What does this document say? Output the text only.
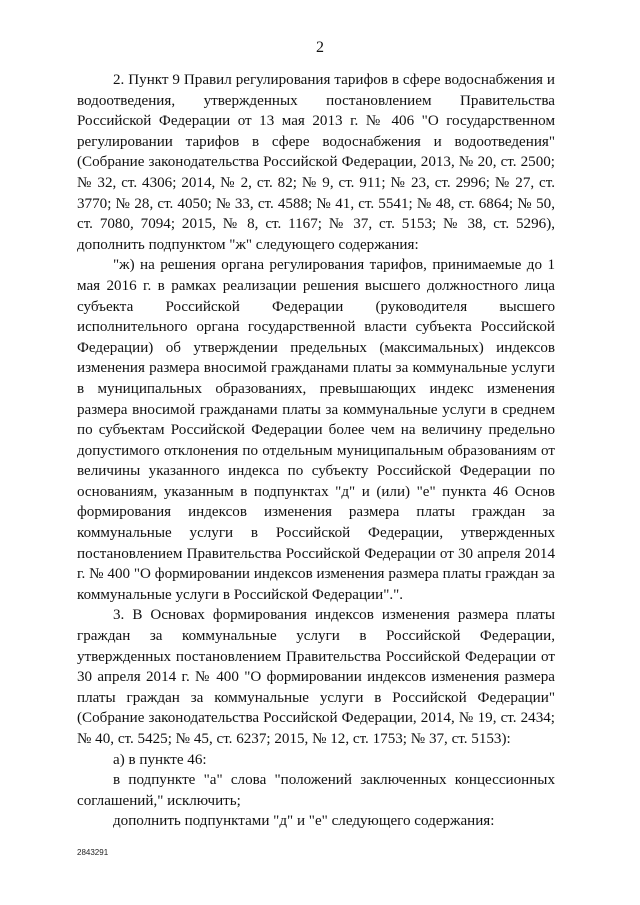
2

2. Пункт 9 Правил регулирования тарифов в сфере водоснабжения и водоотведения, утвержденных постановлением Правительства Российской Федерации от 13 мая 2013 г. № 406 "О государственном регулировании тарифов в сфере водоснабжения и водоотведения" (Собрание законодательства Российской Федерации, 2013, № 20, ст. 2500; № 32, ст. 4306; 2014, № 2, ст. 82; № 9, ст. 911; № 23, ст. 2996; № 27, ст. 3770; № 28, ст. 4050; № 33, ст. 4588; № 41, ст. 5541; № 48, ст. 6864; № 50, ст. 7080, 7094; 2015, № 8, ст. 1167; № 37, ст. 5153; № 38, ст. 5296), дополнить подпунктом "ж" следующего содержания:

"ж) на решения органа регулирования тарифов, принимаемые до 1 мая 2016 г. в рамках реализации решения высшего должностного лица субъекта Российской Федерации (руководителя высшего исполнительного органа государственной власти субъекта Российской Федерации) об утверждении предельных (максимальных) индексов изменения размера вносимой гражданами платы за коммунальные услуги в муниципальных образованиях, превышающих индекс изменения размера вносимой гражданами платы за коммунальные услуги в среднем по субъектам Российской Федерации более чем на величину предельно допустимого отклонения по отдельным муниципальным образованиям от величины указанного индекса по субъекту Российской Федерации по основаниям, указанным в подпунктах "д" и (или) "е" пункта 46 Основ формирования индексов изменения размера платы граждан за коммунальные услуги в Российской Федерации, утвержденных постановлением Правительства Российской Федерации от 30 апреля 2014 г. № 400 "О формировании индексов изменения размера платы граждан за коммунальные услуги в Российской Федерации".".

3. В Основах формирования индексов изменения размера платы граждан за коммунальные услуги в Российской Федерации, утвержденных постановлением Правительства Российской Федерации от 30 апреля 2014 г. № 400 "О формировании индексов изменения размера платы граждан за коммунальные услуги в Российской Федерации" (Собрание законодательства Российской Федерации, 2014, № 19, ст. 2434; № 40, ст. 5425; № 45, ст. 6237; 2015, № 12, ст. 1753; № 37, ст. 5153):

а) в пункте 46:

в подпункте "а" слова "положений заключенных концессионных соглашений," исключить;

дополнить подпунктами "д" и "е" следующего содержания:

2843291
